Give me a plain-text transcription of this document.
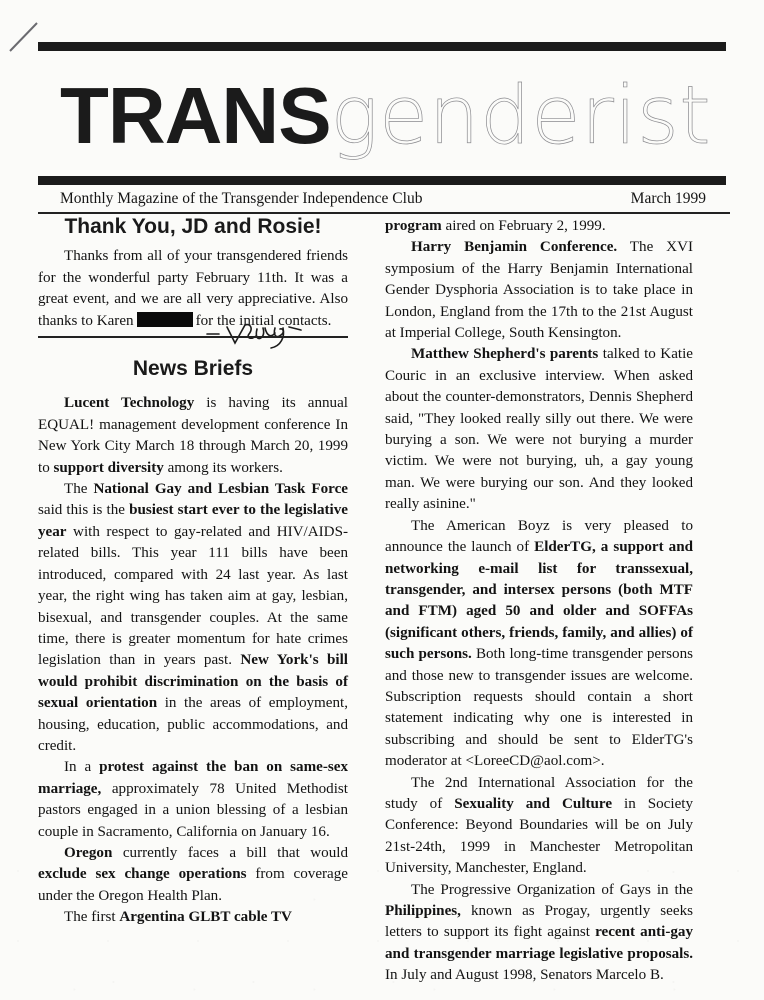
TRANSgenderist
Monthly Magazine of the Transgender Independence Club	March 1999
Thank You, JD and Rosie!

Thanks from all of your transgendered friends for the wonderful party February 11th. It was a great event, and we are all very appreciative. Also thanks to Karen	for the initial contacts.

News Briefs

Lucent Technology is having its annual EQUAL! management development conference In New York City March 18 through March 20, 1999 to support diversity among its workers.

The National Gay and Lesbian Task Force said this is the busiest start ever to the legislative year with respect to gay-related and HIV/AIDS-related bills. This year 111 bills have been introduced, compared with 24 last year. As last year, the right wing has taken aim at gay, lesbian, bisexual, and transgender couples. At the same time, there is greater momentum for hate crimes legislation than in years past. New York's bill would prohibit discrimination on the basis of sexual orientation in the areas of employment, housing, education, public accommodations, and credit.

In a protest against the ban on same-sex marriage, approximately 78 United Methodist pastors engaged in a union blessing of a lesbian couple in Sacramento, California on January 16.

Oregon currently faces a bill that would exclude sex change operations from coverage under the Oregon Health Plan.

The first Argentina GLBT cable TV

program aired on February 2, 1999.

Harry Benjamin Conference. The XVI symposium of the Harry Benjamin International Gender Dysphoria Association is to take place in London, England from the 17th to the 21st August at Imperial College, South Kensington.

Matthew Shepherd's parents talked to Katie Couric in an exclusive interview. When asked about the counter-demonstrators, Dennis Shepherd said, "They looked really silly out there. We were burying a son. We were not burying a murder victim. We were not burying, uh, a gay young man. We were burying our son. And they looked really asinine."

The American Boyz is very pleased to announce the launch of ElderTG, a support and networking e-mail list for transsexual, transgender, and intersex persons (both MTF and FTM) aged 50 and older and SOFFAs (significant others, friends, family, and allies) of such persons. Both long-time transgender persons and those new to transgender issues are welcome. Subscription requests should contain a short statement indicating why one is interested in subscribing and should be sent to ElderTG's moderator at <LoreeCD@aol.com>.

The 2nd International Association for the study of Sexuality and Culture in Society Conference: Beyond Boundaries will be on July 21st-24th, 1999 in Manchester Metropolitan University, Manchester, England.

The Progressive Organization of Gays in the Philippines, known as Progay, urgently seeks letters to support its fight against recent anti-gay and transgender marriage legislative proposals. In July and August 1998, Senators Marcelo B.
